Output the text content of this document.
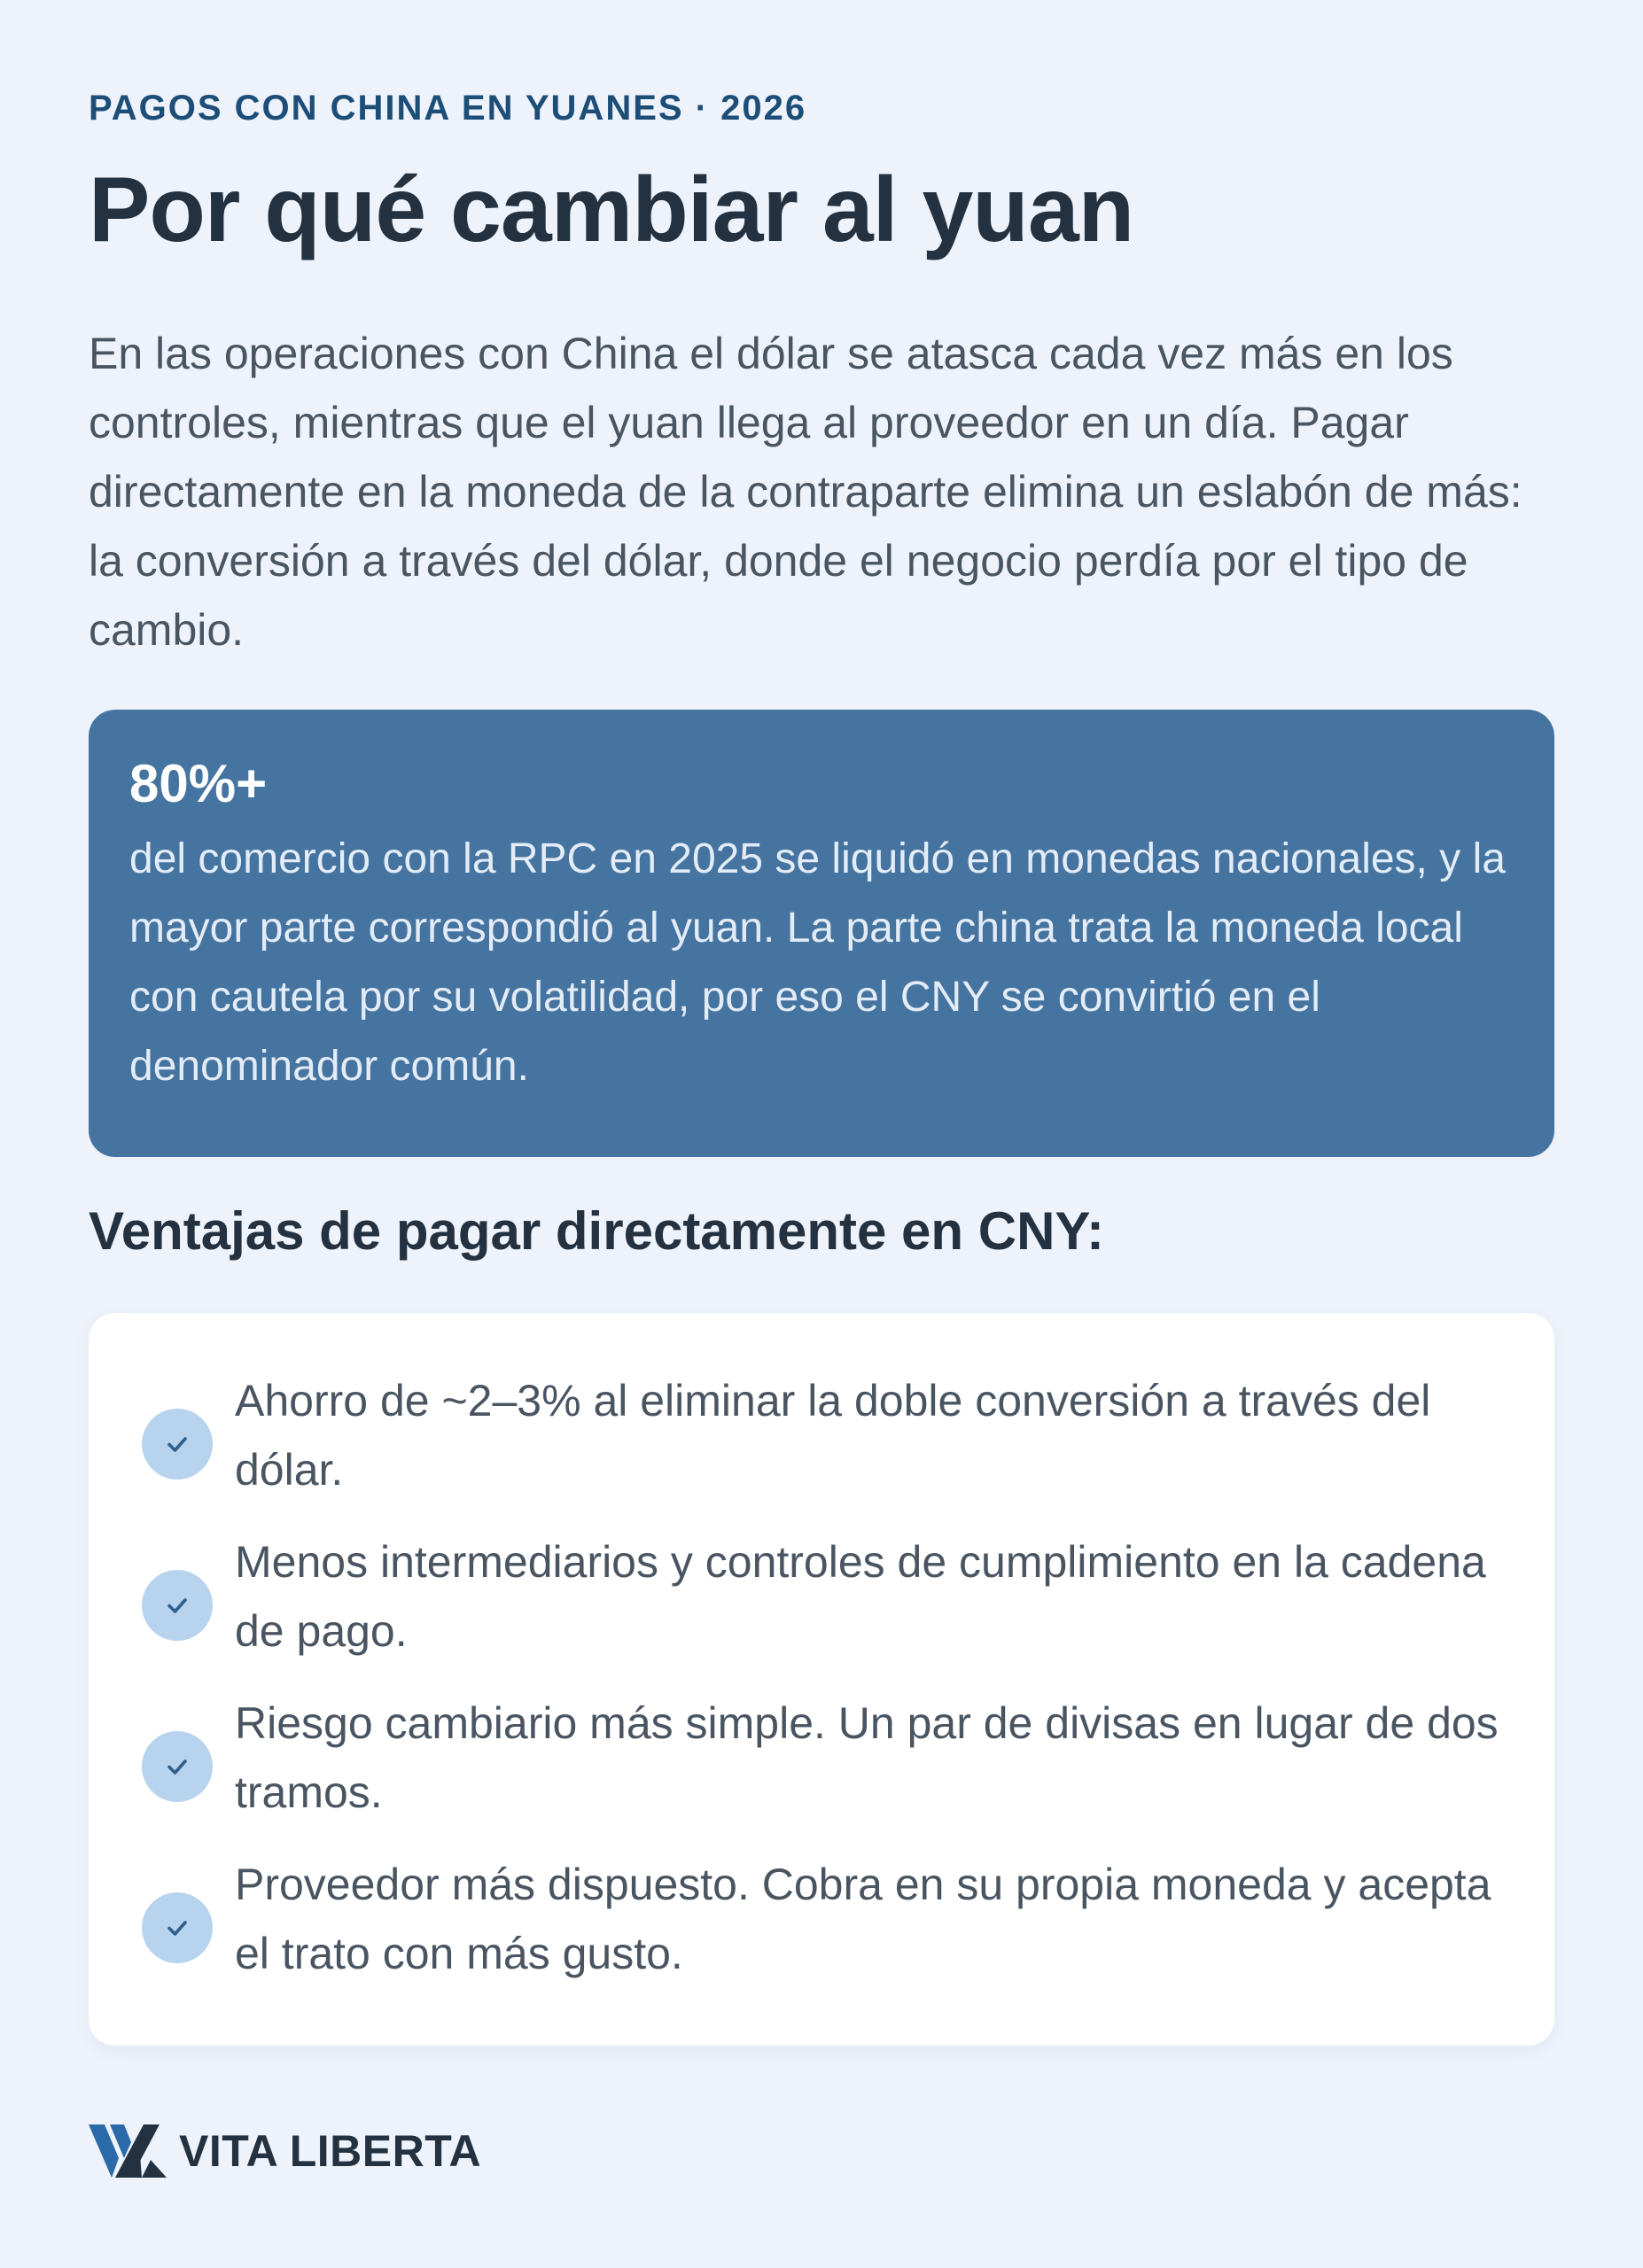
PAGOS CON CHINA EN YUANES · 2026
Por qué cambiar al yuan

En las operaciones con China el dólar se atasca cada vez más en los controles, mientras que el yuan llega al proveedor en un día. Pagar directamente en la moneda de la contraparte elimina un eslabón de más: la conversión a través del dólar, donde el negocio perdía por el tipo de cambio.

80%+

del comercio con la RPC en 2025 se liquidó en monedas nacionales, y la mayor parte correspondió al yuan. La parte china trata la moneda local con cautela por su volatilidad, por eso el CNY se convirtió en el denominador común.

Ventajas de pagar directamente en CNY:
Ahorro de ~2–3% al eliminar la doble conversión a través del dólar.
Menos intermediarios y controles de cumplimiento en la cadena de pago.
Riesgo cambiario más simple. Un par de divisas en lugar de dos tramos.
Proveedor más dispuesto. Cobra en su propia moneda y acepta el trato con más gusto.
VITA LIBERTA
